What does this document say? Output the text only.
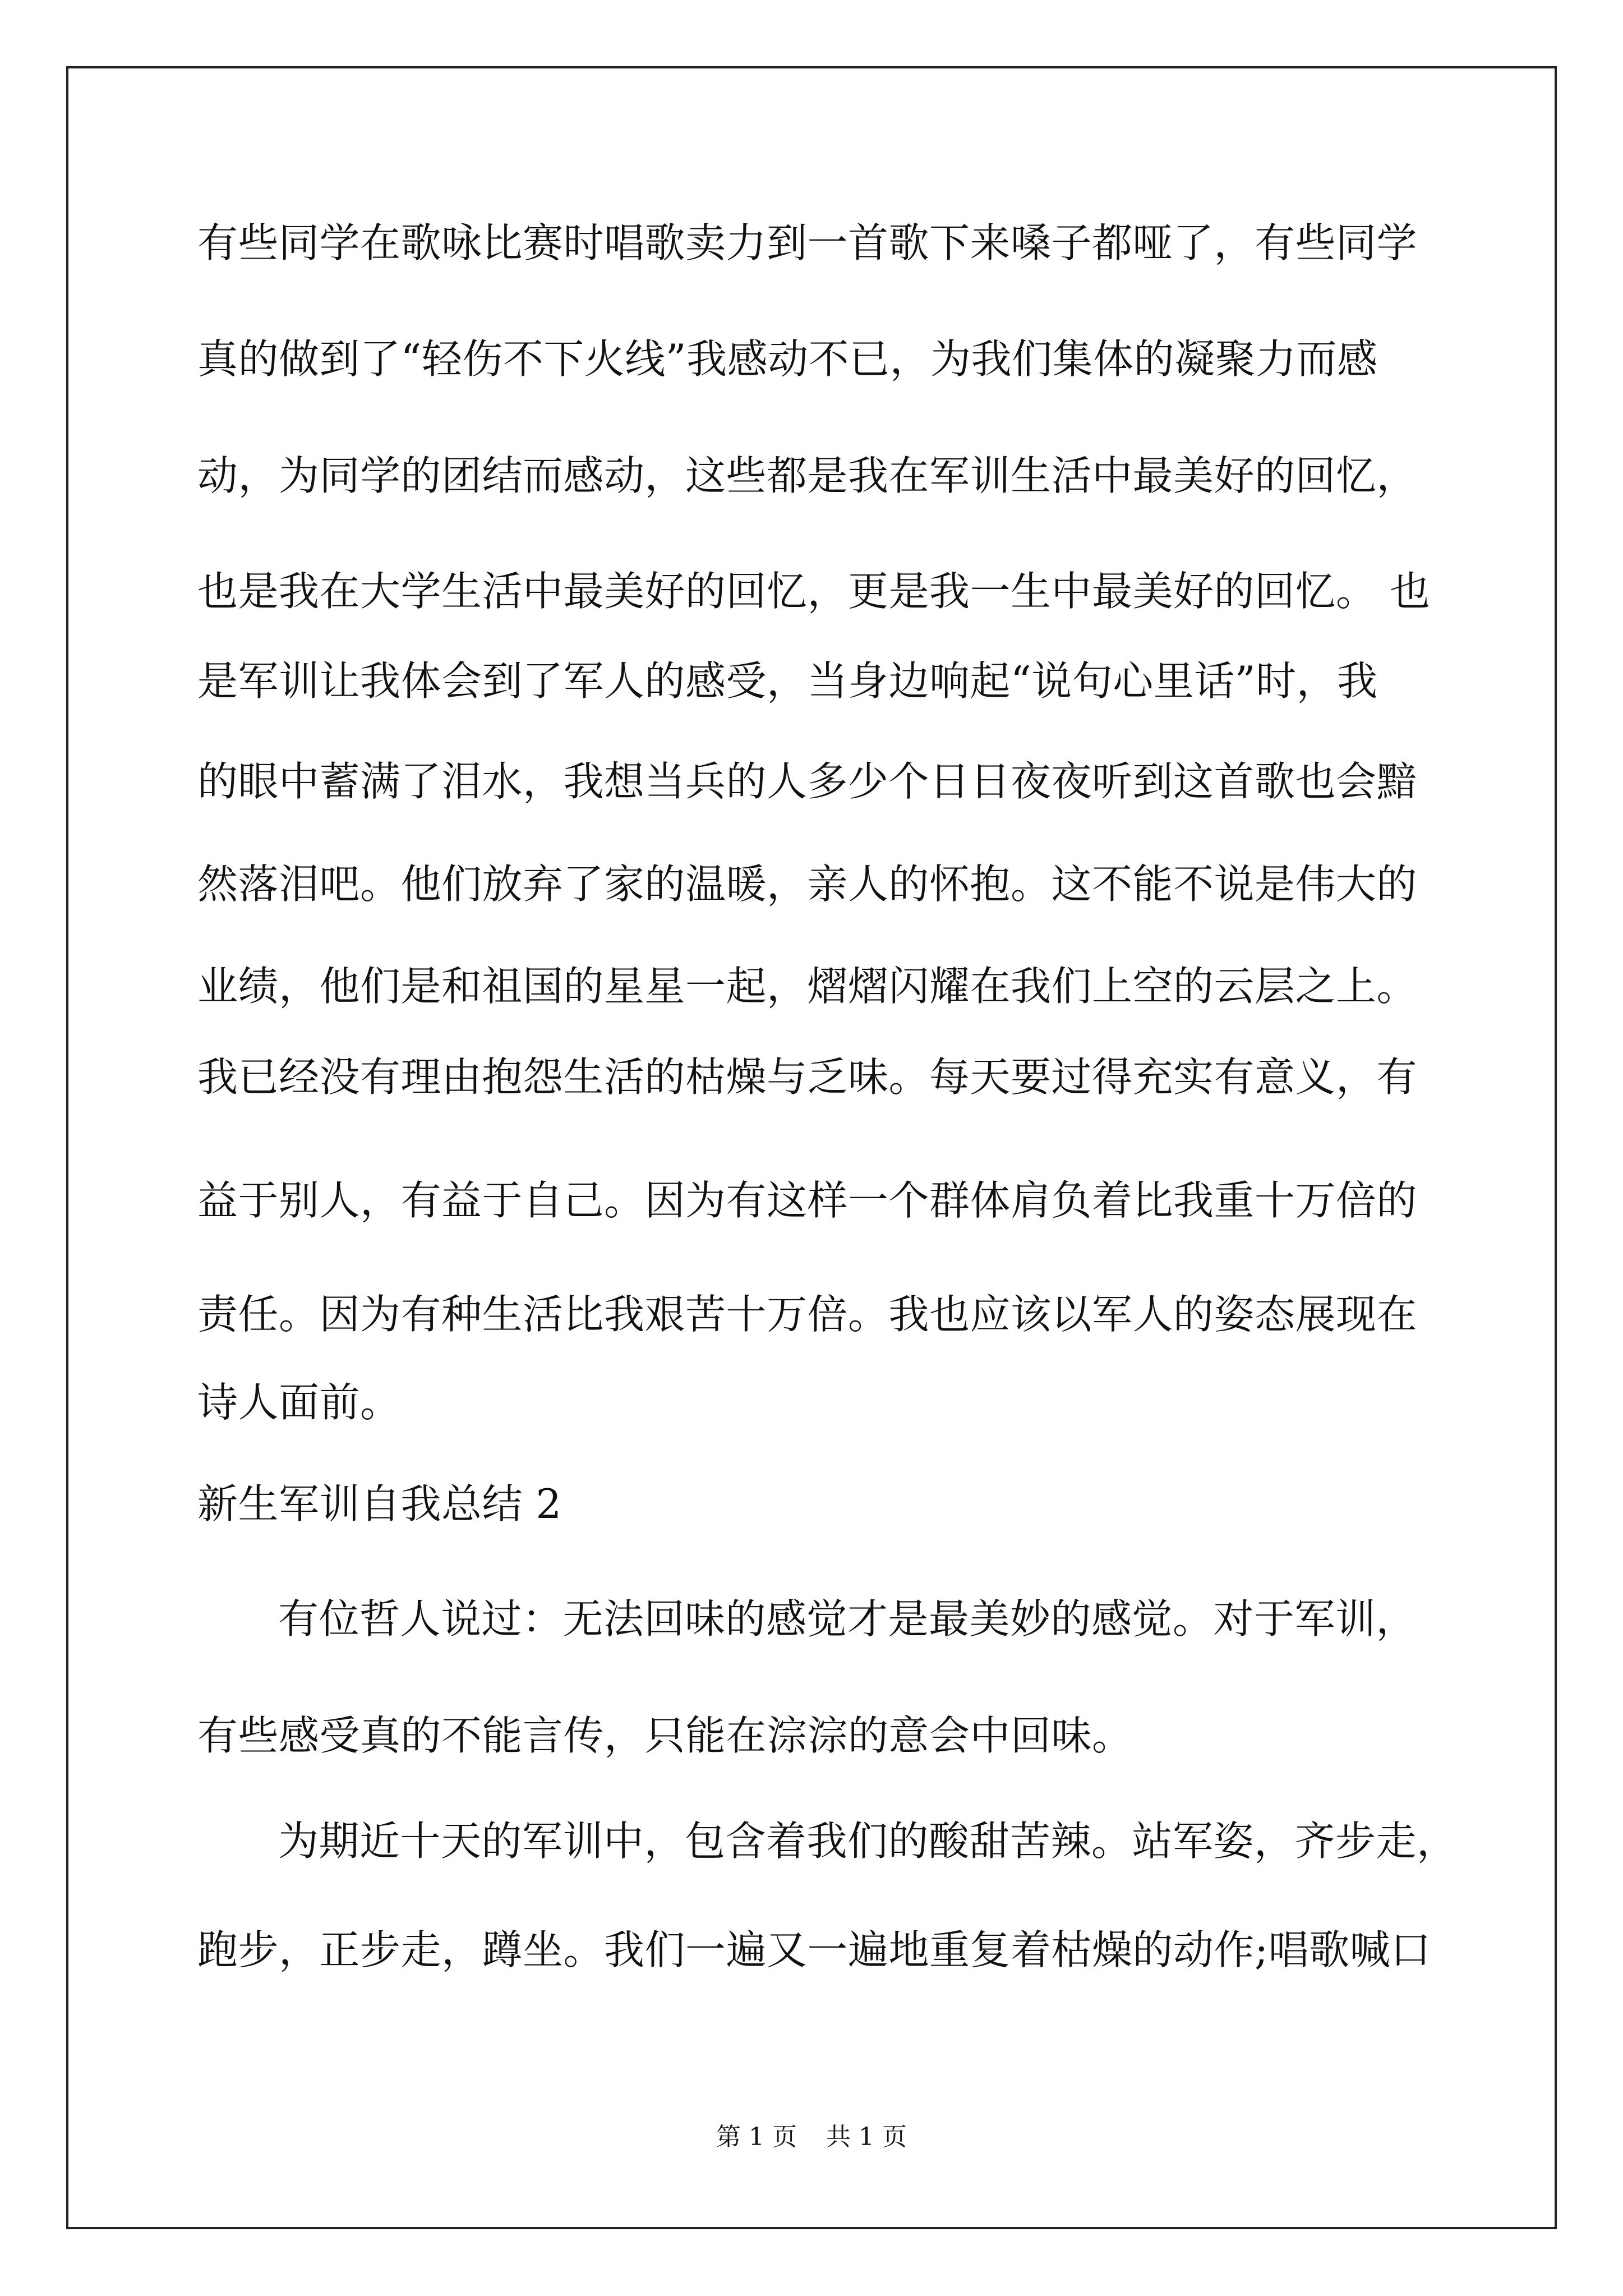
有些同学在歌咏比赛时唱歌卖力到一首歌下来嗓子都哑了，有些同学
真的做到了“轻伤不下火线”我感动不已，为我们集体的凝聚力而感
动，为同学的团结而感动，这些都是我在军训生活中最美好的回忆，
也是我在大学生活中最美好的回忆，更是我一生中最美好的回忆。 也
是军训让我体会到了军人的感受，当身边响起“说句心里话”时，我
的眼中蓄满了泪水，我想当兵的人多少个日日夜夜听到这首歌也会黯
然落泪吧。他们放弃了家的温暖，亲人的怀抱。这不能不说是伟大的
业绩，他们是和祖国的星星一起，熠熠闪耀在我们上空的云层之上。
我已经没有理由抱怨生活的枯燥与乏味。每天要过得充实有意义，有
益于别人，有益于自己。因为有这样一个群体肩负着比我重十万倍的
责任。因为有种生活比我艰苦十万倍。我也应该以军人的姿态展现在
诗人面前。
新生军训自我总结 2
有位哲人说过：无法回味的感觉才是最美妙的感觉。对于军训，
有些感受真的不能言传，只能在淙淙的意会中回味。
为期近十天的军训中，包含着我们的酸甜苦辣。站军姿，齐步走，
跑步，正步走，蹲坐。我们一遍又一遍地重复着枯燥的动作;唱歌喊口
第 1 页 共 1 页
